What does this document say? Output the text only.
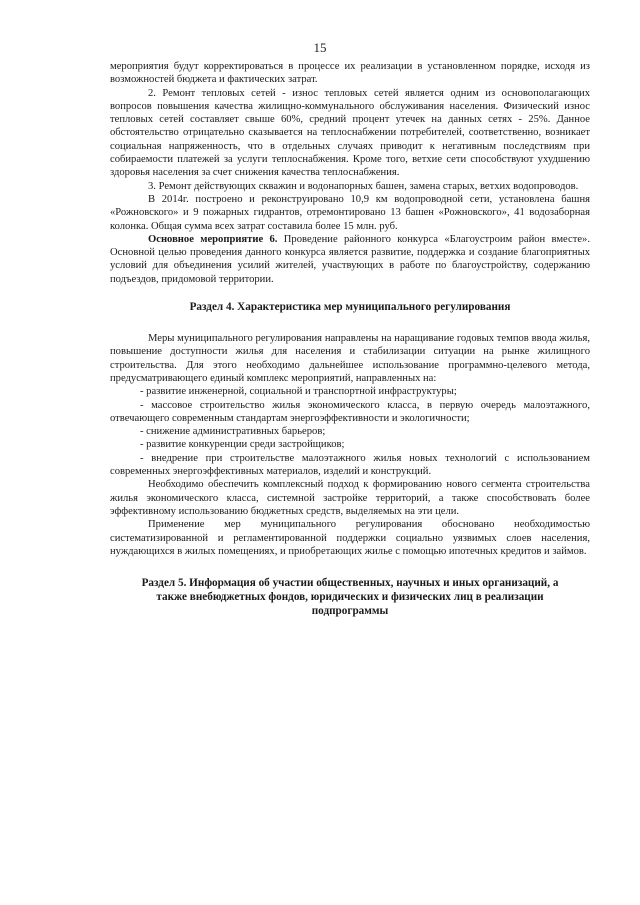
15

мероприятия будут корректироваться в процессе их реализации в установленном порядке, исходя из возможностей бюджета и фактических затрат.

2. Ремонт тепловых сетей - износ тепловых сетей является одним из основополагающих вопросов повышения качества жилищно-коммунального обслуживания населения. Физический износ тепловых сетей составляет свыше 60%, средний процент утечек на данных сетях - 25%. Данное обстоятельство отрицательно сказывается на теплоснабжении потребителей, соответственно, возникает социальная напряженность, что в отдельных случаях приводит к негативным последствиям при собираемости платежей за услуги теплоснабжения. Кроме того, ветхие сети способствуют ухудшению здоровья населения за счет снижения качества теплоснабжения.

3. Ремонт действующих скважин и водонапорных башен, замена старых, ветхих водопроводов.

В 2014г. построено и реконструировано 10,9 км водопроводной сети, установлена башня «Рожновского» и 9 пожарных гидрантов, отремонтировано 13 башен «Рожновского», 41 водозаборная колонка. Общая сумма всех затрат составила более 15 млн. руб.

Основное мероприятие 6. Проведение районного конкурса «Благоустроим район вместе». Основной целью проведения данного конкурса является развитие, поддержка и создание благоприятных условий для объединения усилий жителей, участвующих в работе по благоустройству, содержанию подъездов, придомовой территории.

Раздел 4. Характеристика мер муниципального регулирования

Меры муниципального регулирования направлены на наращивание годовых темпов ввода жилья, повышение доступности жилья для населения и стабилизации ситуации на рынке жилищного строительства. Для этого необходимо дальнейшее использование программно-целевого метода, предусматривающего единый комплекс мероприятий, направленных на:

- развитие инженерной, социальной и транспортной инфраструктуры;

- массовое строительство жилья экономического класса, в первую очередь малоэтажного, отвечающего современным стандартам энергоэффективности и экологичности;

- снижение административных барьеров;

- развитие конкуренции среди застройщиков;

- внедрение при строительстве малоэтажного жилья новых технологий с использованием современных энергоэффективных материалов, изделий и конструкций.

Необходимо обеспечить комплексный подход к формированию нового сегмента строительства жилья экономического класса, системной застройке территорий, а также способствовать более эффективному использованию бюджетных средств, выделяемых на эти цели.

Применение мер муниципального регулирования обосновано необходимостью систематизированной и регламентированной поддержки социально уязвимых слоев населения, нуждающихся в жилых помещениях, и приобретающих жилье с помощью ипотечных кредитов и займов.

Раздел 5. Информация об участии общественных, научных и иных организаций, а

также внебюджетных фондов, юридических и физических лиц в реализации

подпрограммы
